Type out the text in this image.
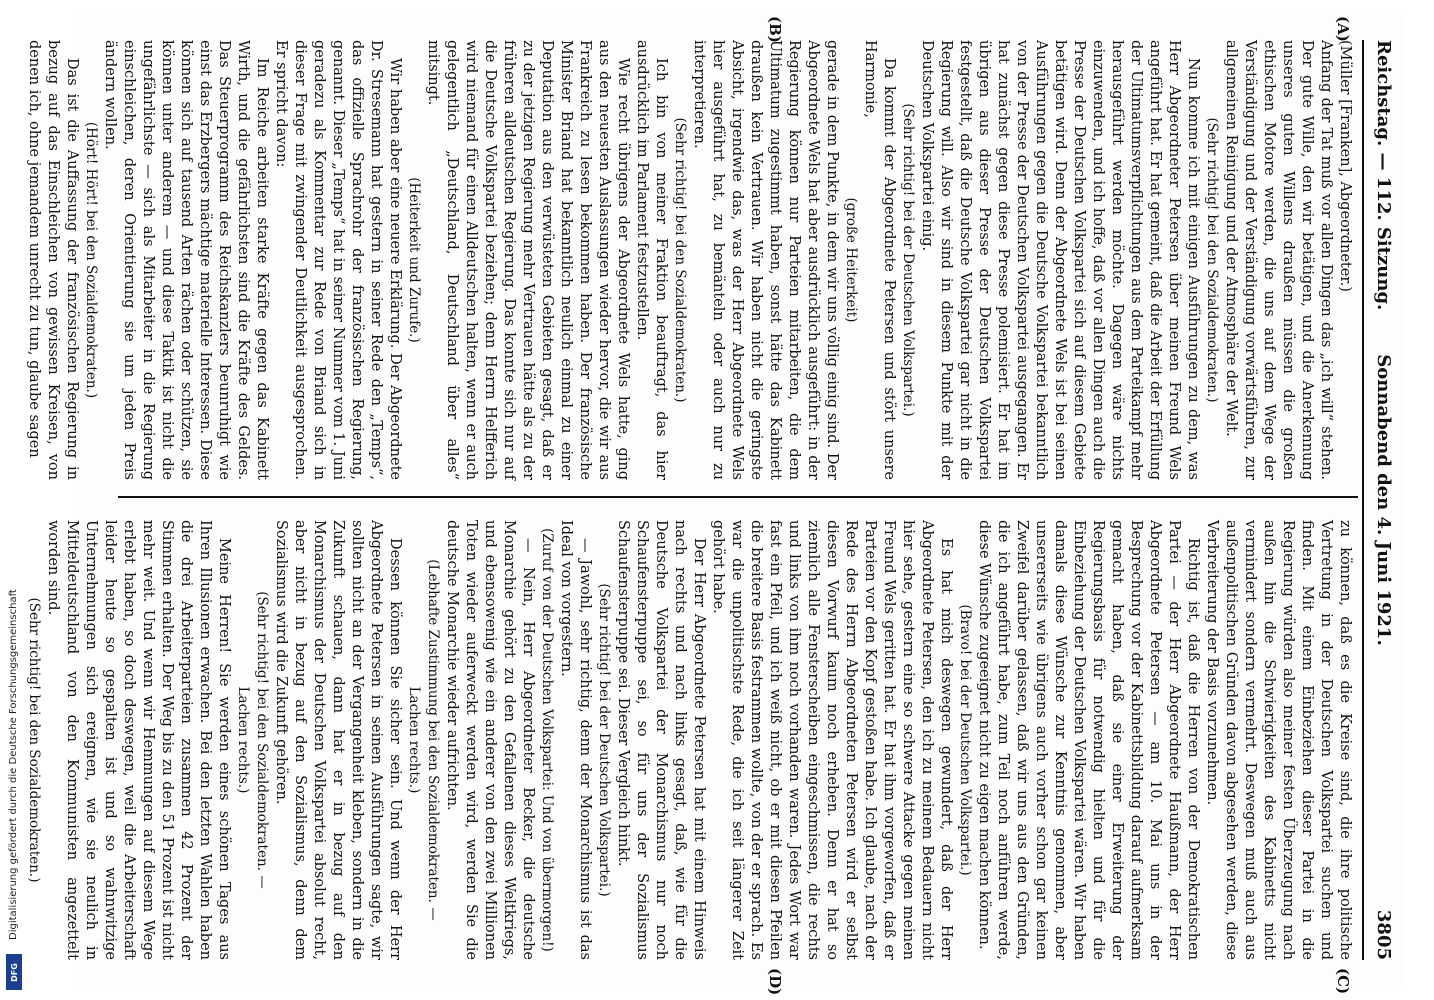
Reichstag. — 112. Sitzung.
Sonnabend den 4. Juni 1921.
3805
(A)
(B)
(C)
(D)

(Müller [Franken], Abgeordneter.)

Anfang der Tat muß vor allen Dingen das „ich will“ stehen. Der gute Wille, den wir betätigen, und die Anerkennung unseres guten Willens draußen müssen die großen ethischen Motore werden, die uns auf dem Wege der Verständigung und der Verständigung vorwärtsführen, zur allgemeinen Reinigung und der Atmosphäre der Welt.

(Sehr richtig! bei den Sozialdemokraten.)

Nun komme ich mit einigen Ausführungen zu dem, was Herr Abgeordneter Petersen über meinen Freund Wels angeführt hat. Er hat gemeint, daß die Arbeit der Erfüllung der Ultimatumsverpflichtungen aus dem Parteikampf mehr herausgeführt werden möchte. Dagegen wäre nichts einzuwenden, und ich hoffe, daß vor allen Dingen auch die Presse der Deutschen Volkspartei sich auf diesem Gebiete betätigen wird. Denn der Abgeordnete Wels ist bei seinen Ausführungen gegen die Deutsche Volkspartei bekanntlich von der Presse der Deutschen Volkspartei ausgegangen. Er hat zunächst gegen diese Presse polemisiert. Er hat im übrigen aus dieser Presse der Deutschen Volkspartei festgestellt, daß die Deutsche Volkspartei gar nicht in die Regierung will. Also wir sind in diesem Punkte mit der Deutschen Volkspartei einig.

(Sehr richtig! bei der Deutschen Volkspartei.)

Da kommt der Abgeordnete Petersen und stört unsere Harmonie,

(große Heiterkeit)

gerade in dem Punkte, in dem wir uns völlig einig sind. Der Abgeordnete Wels hat aber ausdrücklich ausgeführt: in der Regierung können nur Parteien mitarbeiten, die dem Ultimatum zugestimmt haben, sonst hätte das Kabinett draußen kein Vertrauen. Wir haben nicht die geringste Absicht, irgendwie das, was der Herr Abgeordnete Wels hier ausgeführt hat, zu bemänteln oder auch nur zu interpretieren.

(Sehr richtig! bei den Sozialdemokraten.)

Ich bin von meiner Fraktion beauftragt, das hier ausdrücklich im Parlament festzustellen.

Wie recht übrigens der Abgeordnete Wels hatte, ging aus den neuesten Auslassungen wieder hervor, die wir aus Frankreich zu lesen bekommen haben. Der französische Minister Briand hat bekanntlich neulich einmal zu einer Deputation aus den verwüsteten Gebieten gesagt, daß er zu der jetzigen Regierung mehr Vertrauen hätte als zu der früheren alldeutschen Regierung. Das konnte sich nur auf die Deutsche Volkspartei beziehen; denn Herrn Helfferich wird niemand für einen Alldeutschen halten, wenn er auch gelegentlich „Deutschland, Deutschland über alles“ mitsingt.

(Heiterkeit und Zurufe.)

Wir haben aber eine neuere Erklärung. Der Abgeordnete Dr. Stresemann hat gestern in seiner Rede den „Temps“, das offizielle Sprachrohr der französischen Regierung, genannt. Dieser „Temps“ hat in seiner Nummer vom 1. Juni geradezu als Kommentar zur Rede von Briand sich in dieser Frage mit zwingender Deutlichkeit ausgesprochen. Er spricht davon:

Im Reiche arbeiten starke Kräfte gegen das Kabinett Wirth, und die gefährlichsten sind die Kräfte des Geldes. Das Steuerprogramm des Reichskanzlers beunruhigt wie einst das Erzbergers mächtige materielle Interessen. Diese können sich auf tausend Arten rächen oder schützen, sie können unter anderem — und diese Taktik ist nicht die ungefährlichste — sich als Mitarbeiter in die Regierung einschleichen, deren Orientierung sie um jeden Preis ändern wollen.

(Hört! Hört! bei den Sozialdemokraten.)

Das ist die Auffassung der französischen Regierung in bezug auf das Einschleichen von gewissen Kreisen, von denen ich, ohne jemandem unrecht zu tun, glaube sagen

zu können, daß es die Kreise sind, die ihre politische Vertretung in der Deutschen Volkspartei suchen und finden. Mit einem Einbeziehen dieser Partei in die Regierung würden also meiner festen Überzeugung nach außen hin die Schwierigkeiten des Kabinetts nicht vermindert sondern vermehrt. Deswegen muß auch aus außenpolitischen Gründen davon abgesehen werden, diese Verbreiterung der Basis vorzunehmen.

Richtig ist, daß die Herren von der Demokratischen Partei — der Herr Abgeordnete Haußmann, der Herr Abgeordnete Petersen — am 10. Mai uns in der Besprechung vor der Kabinettsbildung darauf aufmerksam gemacht haben, daß sie einer Erweiterung der Regierungsbasis für notwendig hielten und für die Einbeziehung der Deutschen Volkspartei wären. Wir haben damals diese Wünsche zur Kenntnis genommen, aber unsererseits wie übrigens auch vorher schon gar keinen Zweifel darüber gelassen, daß wir uns aus den Gründen, die ich angeführt habe, zum Teil noch anführen werde, diese Wünsche zugeeignet nicht zu eigen machen können.

(Bravo! bei der Deutschen Volkspartei.)

Es hat mich deswegen gewundert, daß der Herr Abgeordnete Petersen, den ich zu meinem Bedauern nicht hier sehe, gestern eine so schwere Attacke gegen meinen Freund Wels geritten hat. Er hat ihm vorgeworfen, daß er Parteien vor den Kopf gestoßen habe. Ich glaube, nach der Rede des Herrn Abgeordneten Petersen wird er selbst diesen Vorwurf kaum noch erheben. Denn er hat so ziemlich alle Fensterscheiben eingeschmissen, die rechts und links von ihm noch vorhanden waren. Jedes Wort war fast ein Pfeil, und ich weiß nicht, ob er mit diesen Pfeilen die breitere Basis festrammen wollte, von der er sprach. Es war die unpolitischste Rede, die ich seit längerer Zeit gehört habe.

Der Herr Abgeordnete Petersen hat mit einem Hinweis nach rechts und nach links gesagt, daß, wie für die Deutsche Volkspartei der Monarchismus nur noch Schaufensterpuppe sei, so für uns der Sozialismus Schaufensterpuppe sei. Dieser Vergleich hinkt.

(Sehr richtig! bei der Deutschen Volkspartei.)

— Jawohl, sehr richtig, denn der Monarchismus ist das Ideal von vorgestern.

(Zuruf von der Deutschen Volkspartei: Und von übermorgen!)

— Nein, Herr Abgeordneter Becker, die deutsche Monarchie gehört zu den Gefallenen dieses Weltkriegs, und ebensowenig wie ein anderer von den zwei Millionen Toten wieder auferweckt werden wird, werden Sie die deutsche Monarchie wieder aufrichten.

(Lebhafte Zustimmung bei den Sozialdemokraten. —

Lachen rechts.)

Dessen können Sie sicher sein. Und wenn der Herr Abgeordnete Petersen in seinen Ausführungen sagte, wir sollten nicht an der Vergangenheit kleben, sondern in die Zukunft schauen, dann hat er in bezug auf den Monarchismus der Deutschen Volkspartei absolut recht, aber nicht in bezug auf den Sozialismus, denn dem Sozialismus wird die Zukunft gehören.

(Sehr richtig! bei den Sozialdemokraten. —

Lachen rechts.)

Meine Herren! Sie werden eines schönen Tages aus Ihren Illusionen erwachen. Bei den letzten Wahlen haben die drei Arbeiterparteien zusammen 42 Prozent der Stimmen erhalten. Der Weg bis zu den 51 Prozent ist nicht mehr weit. Und wenn wir Hemmungen auf diesem Wege erlebt haben, so doch deswegen, weil die Arbeiterschaft leider heute so gespalten ist und so wahnwitzige Unternehmungen sich ereignen, wie sie neulich in Mitteldeutschland von den Kommunisten angezettelt worden sind.

(Sehr richtig! bei den Sozialdemokraten.)

Digitalisierung gefördert durch die Deutsche Forschungsgemeinschaft
DFG
